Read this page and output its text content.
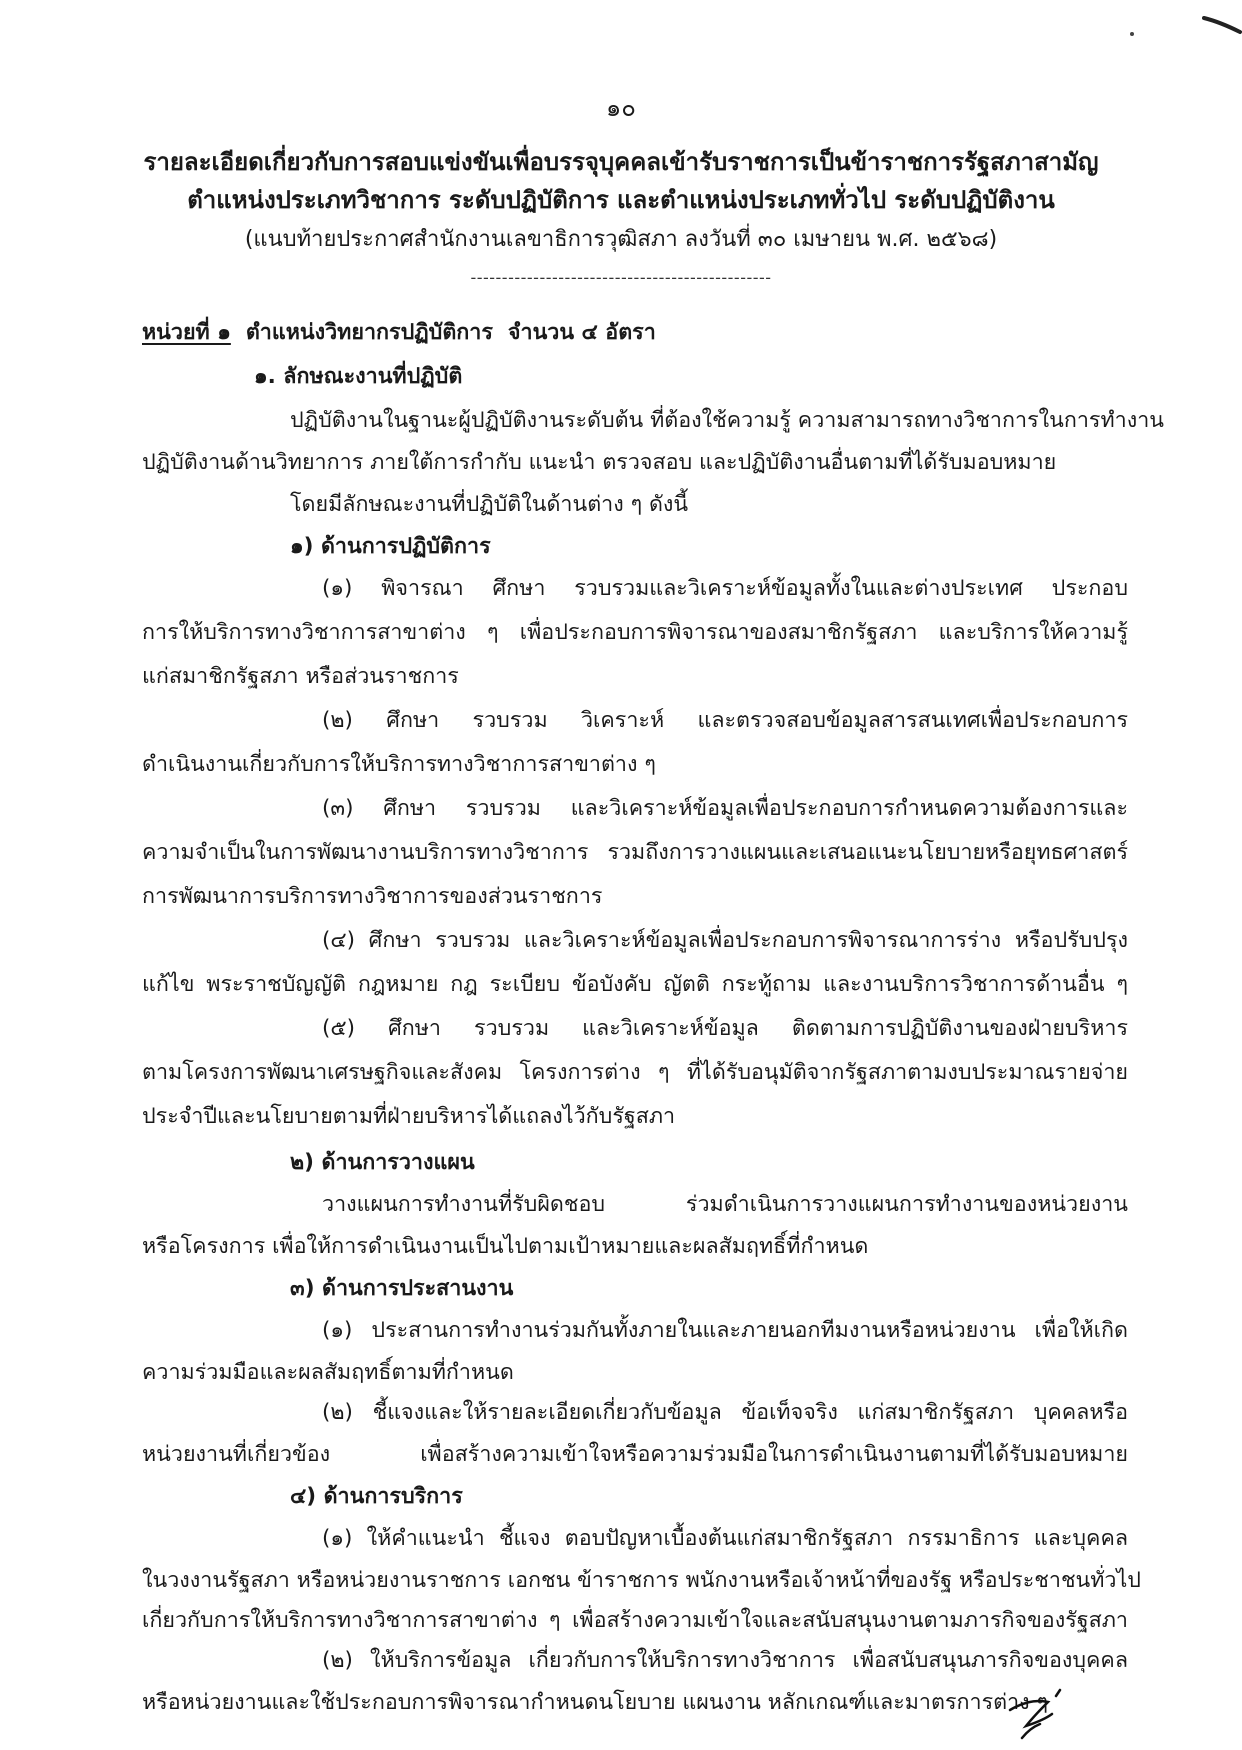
๑๐
รายละเอียดเกี่ยวกับการสอบแข่งขันเพื่อบรรจุบุคคลเข้ารับราชการเป็นข้าราชการรัฐสภาสามัญ
ตำแหน่งประเภทวิชาการ ระดับปฏิบัติการ และตำแหน่งประเภททั่วไป ระดับปฏิบัติงาน
(แนบท้ายประกาศสำนักงานเลขาธิการวุฒิสภา ลงวันที่ ๓๐ เมษายน พ.ศ. ๒๕๖๘)
------------------------------------------------
หน่วยที่ ๑ ตำแหน่งวิทยากรปฏิบัติการ จำนวน ๔ อัตรา
๑. ลักษณะงานที่ปฏิบัติ
ปฏิบัติงานในฐานะผู้ปฏิบัติงานระดับต้น ที่ต้องใช้ความรู้ ความสามารถทางวิชาการในการทำงาน
ปฏิบัติงานด้านวิทยาการ ภายใต้การกำกับ แนะนำ ตรวจสอบ และปฏิบัติงานอื่นตามที่ได้รับมอบหมาย
โดยมีลักษณะงานที่ปฏิบัติในด้านต่าง ๆ ดังนี้
๑) ด้านการปฏิบัติการ
(๑) พิจารณา ศึกษา รวบรวมและวิเคราะห์ข้อมูลทั้งในและต่างประเทศ ประกอบ
การให้บริการทางวิชาการสาขาต่าง ๆ เพื่อประกอบการพิจารณาของสมาชิกรัฐสภา และบริการให้ความรู้
แก่สมาชิกรัฐสภา หรือส่วนราชการ
(๒) ศึกษา รวบรวม วิเคราะห์ และตรวจสอบข้อมูลสารสนเทศเพื่อประกอบการ
ดำเนินงานเกี่ยวกับการให้บริการทางวิชาการสาขาต่าง ๆ
(๓) ศึกษา รวบรวม และวิเคราะห์ข้อมูลเพื่อประกอบการกำหนดความต้องการและ
ความจำเป็นในการพัฒนางานบริการทางวิชาการ รวมถึงการวางแผนและเสนอแนะนโยบายหรือยุทธศาสตร์
การพัฒนาการบริการทางวิชาการของส่วนราชการ
(๔) ศึกษา รวบรวม และวิเคราะห์ข้อมูลเพื่อประกอบการพิจารณาการร่าง หรือปรับปรุง
แก้ไข พระราชบัญญัติ กฎหมาย กฎ ระเบียบ ข้อบังคับ ญัตติ กระทู้ถาม และงานบริการวิชาการด้านอื่น ๆ
(๕) ศึกษา รวบรวม และวิเคราะห์ข้อมูล ติดตามการปฏิบัติงานของฝ่ายบริหาร
ตามโครงการพัฒนาเศรษฐกิจและสังคม โครงการต่าง ๆ ที่ได้รับอนุมัติจากรัฐสภาตามงบประมาณรายจ่าย
ประจำปีและนโยบายตามที่ฝ่ายบริหารได้แถลงไว้กับรัฐสภา
๒) ด้านการวางแผน
วางแผนการทำงานที่รับผิดชอบ ร่วมดำเนินการวางแผนการทำงานของหน่วยงาน
หรือโครงการ เพื่อให้การดำเนินงานเป็นไปตามเป้าหมายและผลสัมฤทธิ์ที่กำหนด
๓) ด้านการประสานงาน
(๑) ประสานการทำงานร่วมกันทั้งภายในและภายนอกทีมงานหรือหน่วยงาน เพื่อให้เกิด
ความร่วมมือและผลสัมฤทธิ์ตามที่กำหนด
(๒) ชี้แจงและให้รายละเอียดเกี่ยวกับข้อมูล ข้อเท็จจริง แก่สมาชิกรัฐสภา บุคคลหรือ
หน่วยงานที่เกี่ยวข้อง เพื่อสร้างความเข้าใจหรือความร่วมมือในการดำเนินงานตามที่ได้รับมอบหมาย
๔) ด้านการบริการ
(๑) ให้คำแนะนำ ชี้แจง ตอบปัญหาเบื้องต้นแก่สมาชิกรัฐสภา กรรมาธิการ และบุคคล
ในวงงานรัฐสภา หรือหน่วยงานราชการ เอกชน ข้าราชการ พนักงานหรือเจ้าหน้าที่ของรัฐ หรือประชาชนทั่วไป
เกี่ยวกับการให้บริการทางวิชาการสาขาต่าง ๆ เพื่อสร้างความเข้าใจและสนับสนุนงานตามภารกิจของรัฐสภา
(๒) ให้บริการข้อมูล เกี่ยวกับการให้บริการทางวิชาการ เพื่อสนับสนุนภารกิจของบุคคล
หรือหน่วยงานและใช้ประกอบการพิจารณากำหนดนโยบาย แผนงาน หลักเกณฑ์และมาตรการต่าง ๆ
